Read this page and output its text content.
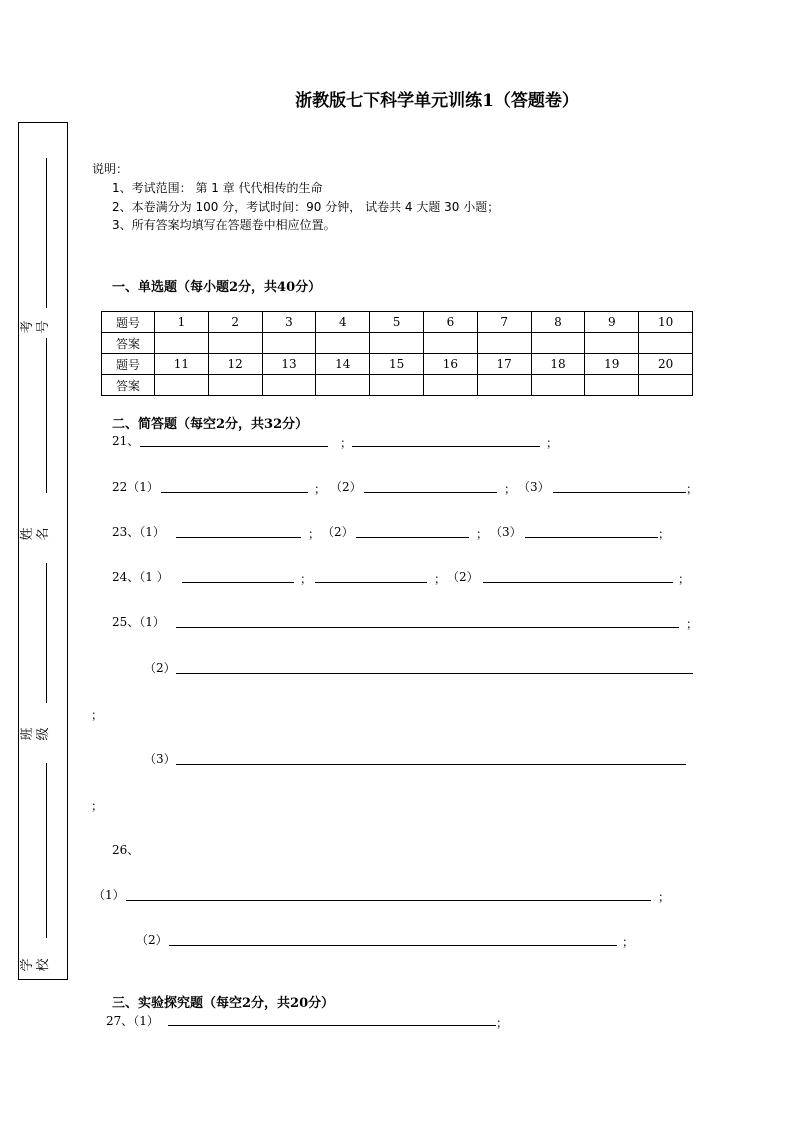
浙教版七下科学单元训练1（答题卷）
考号
姓名
班级
学校
说明：
1、考试范围： 第 1 章 代代相传的生命
2、本卷满分为 100 分，考试时间：90 分钟， 试卷共 4 大题 30 小题；
3、所有答案均填写在答题卷中相应位置。
一、单选题（每小题2分，共40分）
题号	1	2	3	4	5	6	7	8	9	10
答案										
题号	11	12	13	14	15	16	17	18	19	20
答案										
二、简答题（每空2分，共32分）
21、	；	；
22（1）	； （2）	； （3）	；
23、（1）	； （2）	； （3）	；
24、（1 ）	；	； （2）	；
25、（1）	；
（2）
；
（3）
；
26、
（1）	；
（2）	；
三、实验探究题（每空2分，共20分）
27、（1）	；
